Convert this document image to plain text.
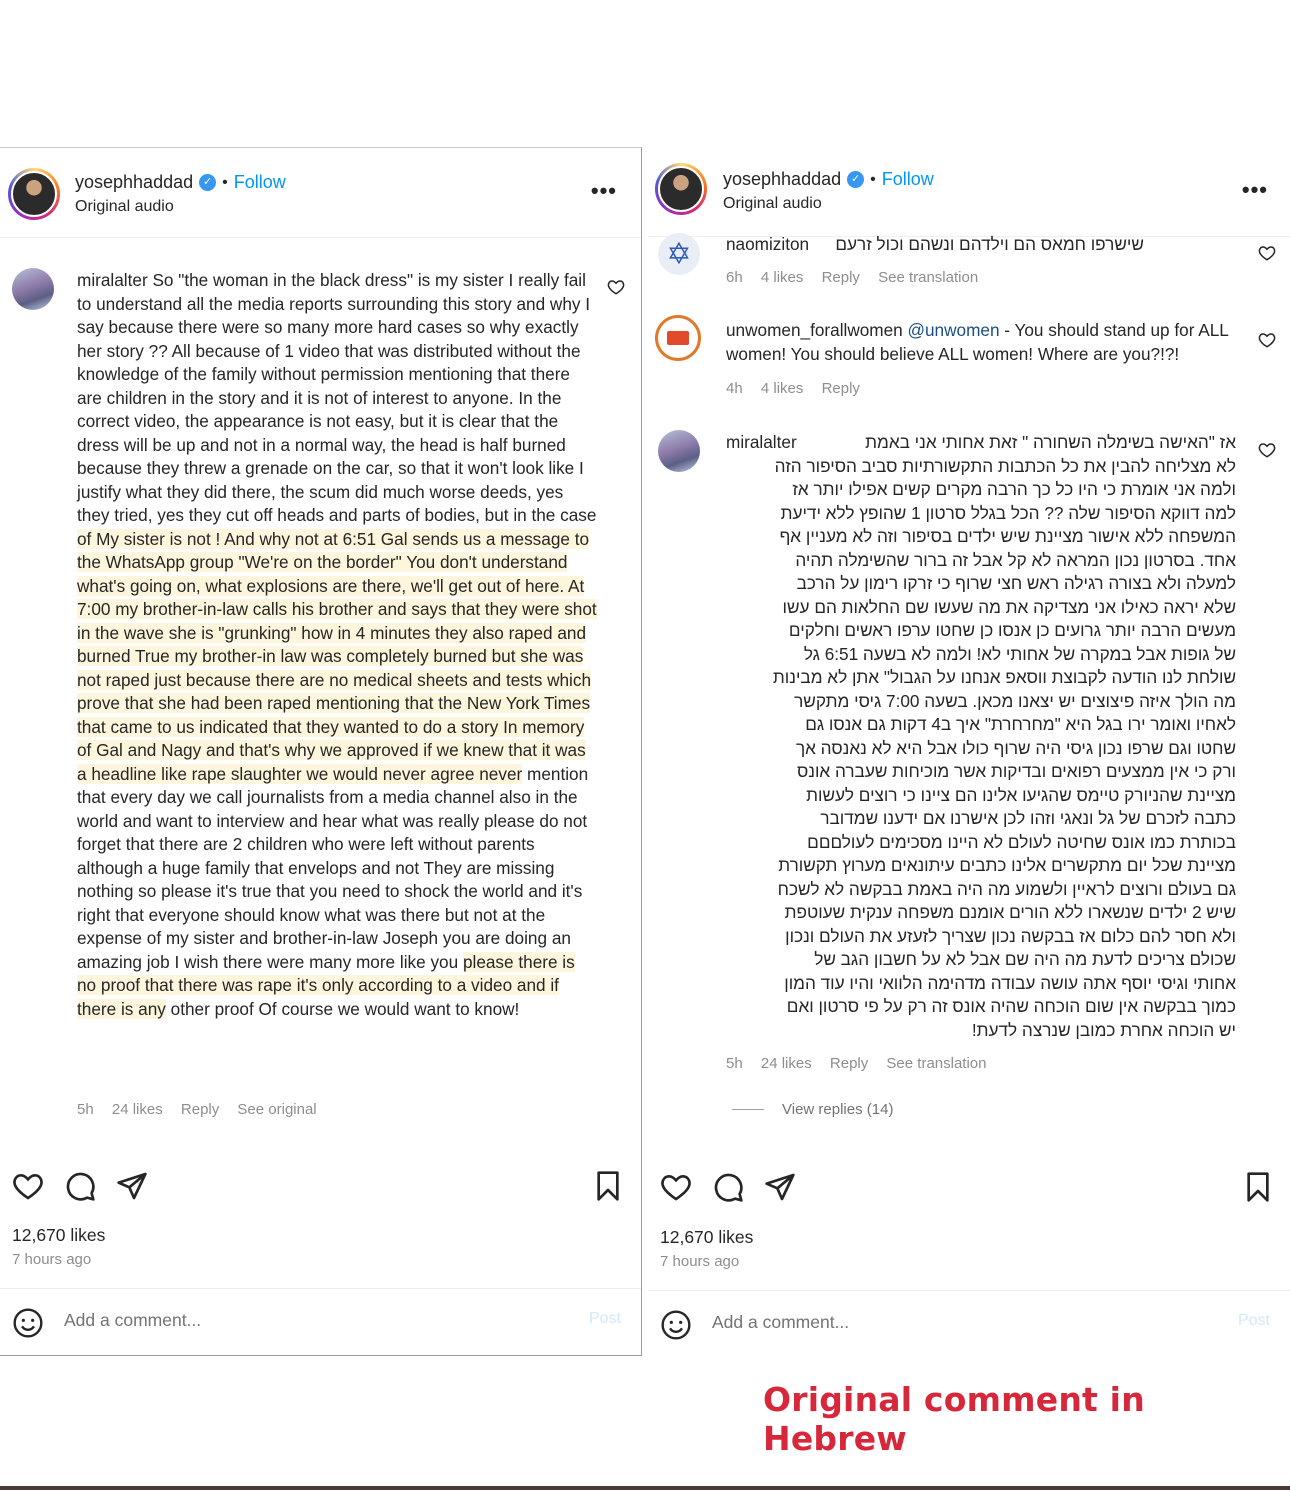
yosephhaddad ✓ • Follow
Original audio
•••
miralalter So "the woman in the black dress" is my sister I really fail to understand all the media reports surrounding this story and why I say because there were so many more hard cases so why exactly her story ?? All because of 1 video that was distributed without the knowledge of the family without permission mentioning that there are children in the story and it is not of interest to anyone. In the correct video, the appearance is not easy, but it is clear that the dress will be up and not in a normal way, the head is half burned because they threw a grenade on the car, so that it won't look like I justify what they did there, the scum did much worse deeds, yes they tried, yes they cut off heads and parts of bodies, but in the case of My sister is not ! And why not at 6:51 Gal sends us a message to the WhatsApp group "We're on the border" You don't understand what's going on, what explosions are there, we'll get out of here. At 7:00 my brother-in-law calls his brother and says that they were shot in the wave she is "grunking" how in 4 minutes they also raped and burned True my brother-in law was completely burned but she was not raped just because there are no medical sheets and tests which prove that she had been raped mentioning that the New York Times that came to us indicated that they wanted to do a story In memory of Gal and Nagy and that's why we approved if we knew that it was a headline like rape slaughter we would never agree never mention that every day we call journalists from a media channel also in the world and want to interview and hear what was really please do not forget that there are 2 children who were left without parents although a huge family that envelops and not They are missing nothing so please it's true that you need to shock the world and it's right that everyone should know what was there but not at the expense of my sister and brother-in-law Joseph you are doing an amazing job I wish there were many more like you please there is no proof that there was rape it's only according to a video and if there is any other proof Of course we would want to know!
5h 24 likes Reply See original
12,670 likes
7 hours ago
Add a comment...	Post
yosephhaddad ✓ • Follow
Original audio
•••
✡	naomiziton שישרפו חמאס הם וילדהם ונשהם וכול זרעם
6h 4 likes Reply See translation
unwomen_forallwomen @unwomen - You should stand up for ALL women! You should believe ALL women! Where are you?!?!
4h 4 likes Reply
miralalter	אז "האישה בשימלה השחורה " זאת אחותי אני באמת
לא מצליחה להבין את כל הכתבות התקשורתיות סביב הסיפור הזה
ולמה אני אומרת כי היו כל כך הרבה מקרים קשים אפילו יותר אז
למה דווקא הסיפור שלה ?? הכל בגלל סרטון 1 שהופץ ללא ידיעת
המשפחה ללא אישור מציינת שיש ילדים בסיפור וזה לא מעניין אף
אחד. בסרטון נכון המראה לא קל אבל זה ברור שהשימלה תהיה
למעלה ולא בצורה רגילה ראש חצי שרוף כי זרקו רימון על הרכב
שלא יראה כאילו אני מצדיקה את מה שעשו שם החלאות הם עשו
מעשים הרבה יותר גרועים כן אנסו כן שחטו ערפו ראשים וחלקים
של גופות אבל במקרה של אחותי לא! ולמה לא בשעה 6:51 גל
שולחת לנו הודעה לקבוצת ווסאפ אנחנו על הגבול" אתן לא מבינות
מה הולך איזה פיצוצים יש יצאנו מכאן. בשעה 7:00 גיסי מתקשר
לאחיו ואומר ירו בגל היא "מחרחרת" איך ב4 דקות גם אנסו גם
שחטו וגם שרפו נכון גיסי היה שרוף כולו אבל היא לא נאנסה אך
ורק כי אין ממצעים רפואים ובדיקות אשר מוכיחות שעברה אונס
מציינת שהניורק טיימס שהגיעו אלינו הם ציינו כי רוצים לעשות
כתבה לזכרם של גל ונאגי וזהו לכן אישרנו אם ידענו שמדובר
בכותרת כמו אונס שחיטה לעולם לא היינו מסכימים לעולםםם
מציינת שכל יום מתקשרים אלינו כתבים עיתונאים מערוץ תקשורת
גם בעולם ורוצים לראיין ולשמוע מה היה באמת בבקשה לא לשכח
שיש 2 ילדים שנשארו ללא הורים אומנם משפחה ענקית שעוטפת
ולא חסר להם כלום אז בבקשה נכון שצריך לזעזע את העולם ונכון
שכולם צריכים לדעת מה היה שם אבל לא על חשבון הגב של
אחותי וגיסי יוסף אתה עושה עבודה מדהימה הלוואי והיו עוד המון
כמוך בבקשה אין שום הוכחה שהיה אונס זה רק על פי סרטון ואם
יש הוכחה אחרת כמובן שנרצה לדעת!
5h 24 likes Reply See translation
View replies (14)
12,670 likes
7 hours ago
Add a comment...	Post
Original comment in Hebrew
